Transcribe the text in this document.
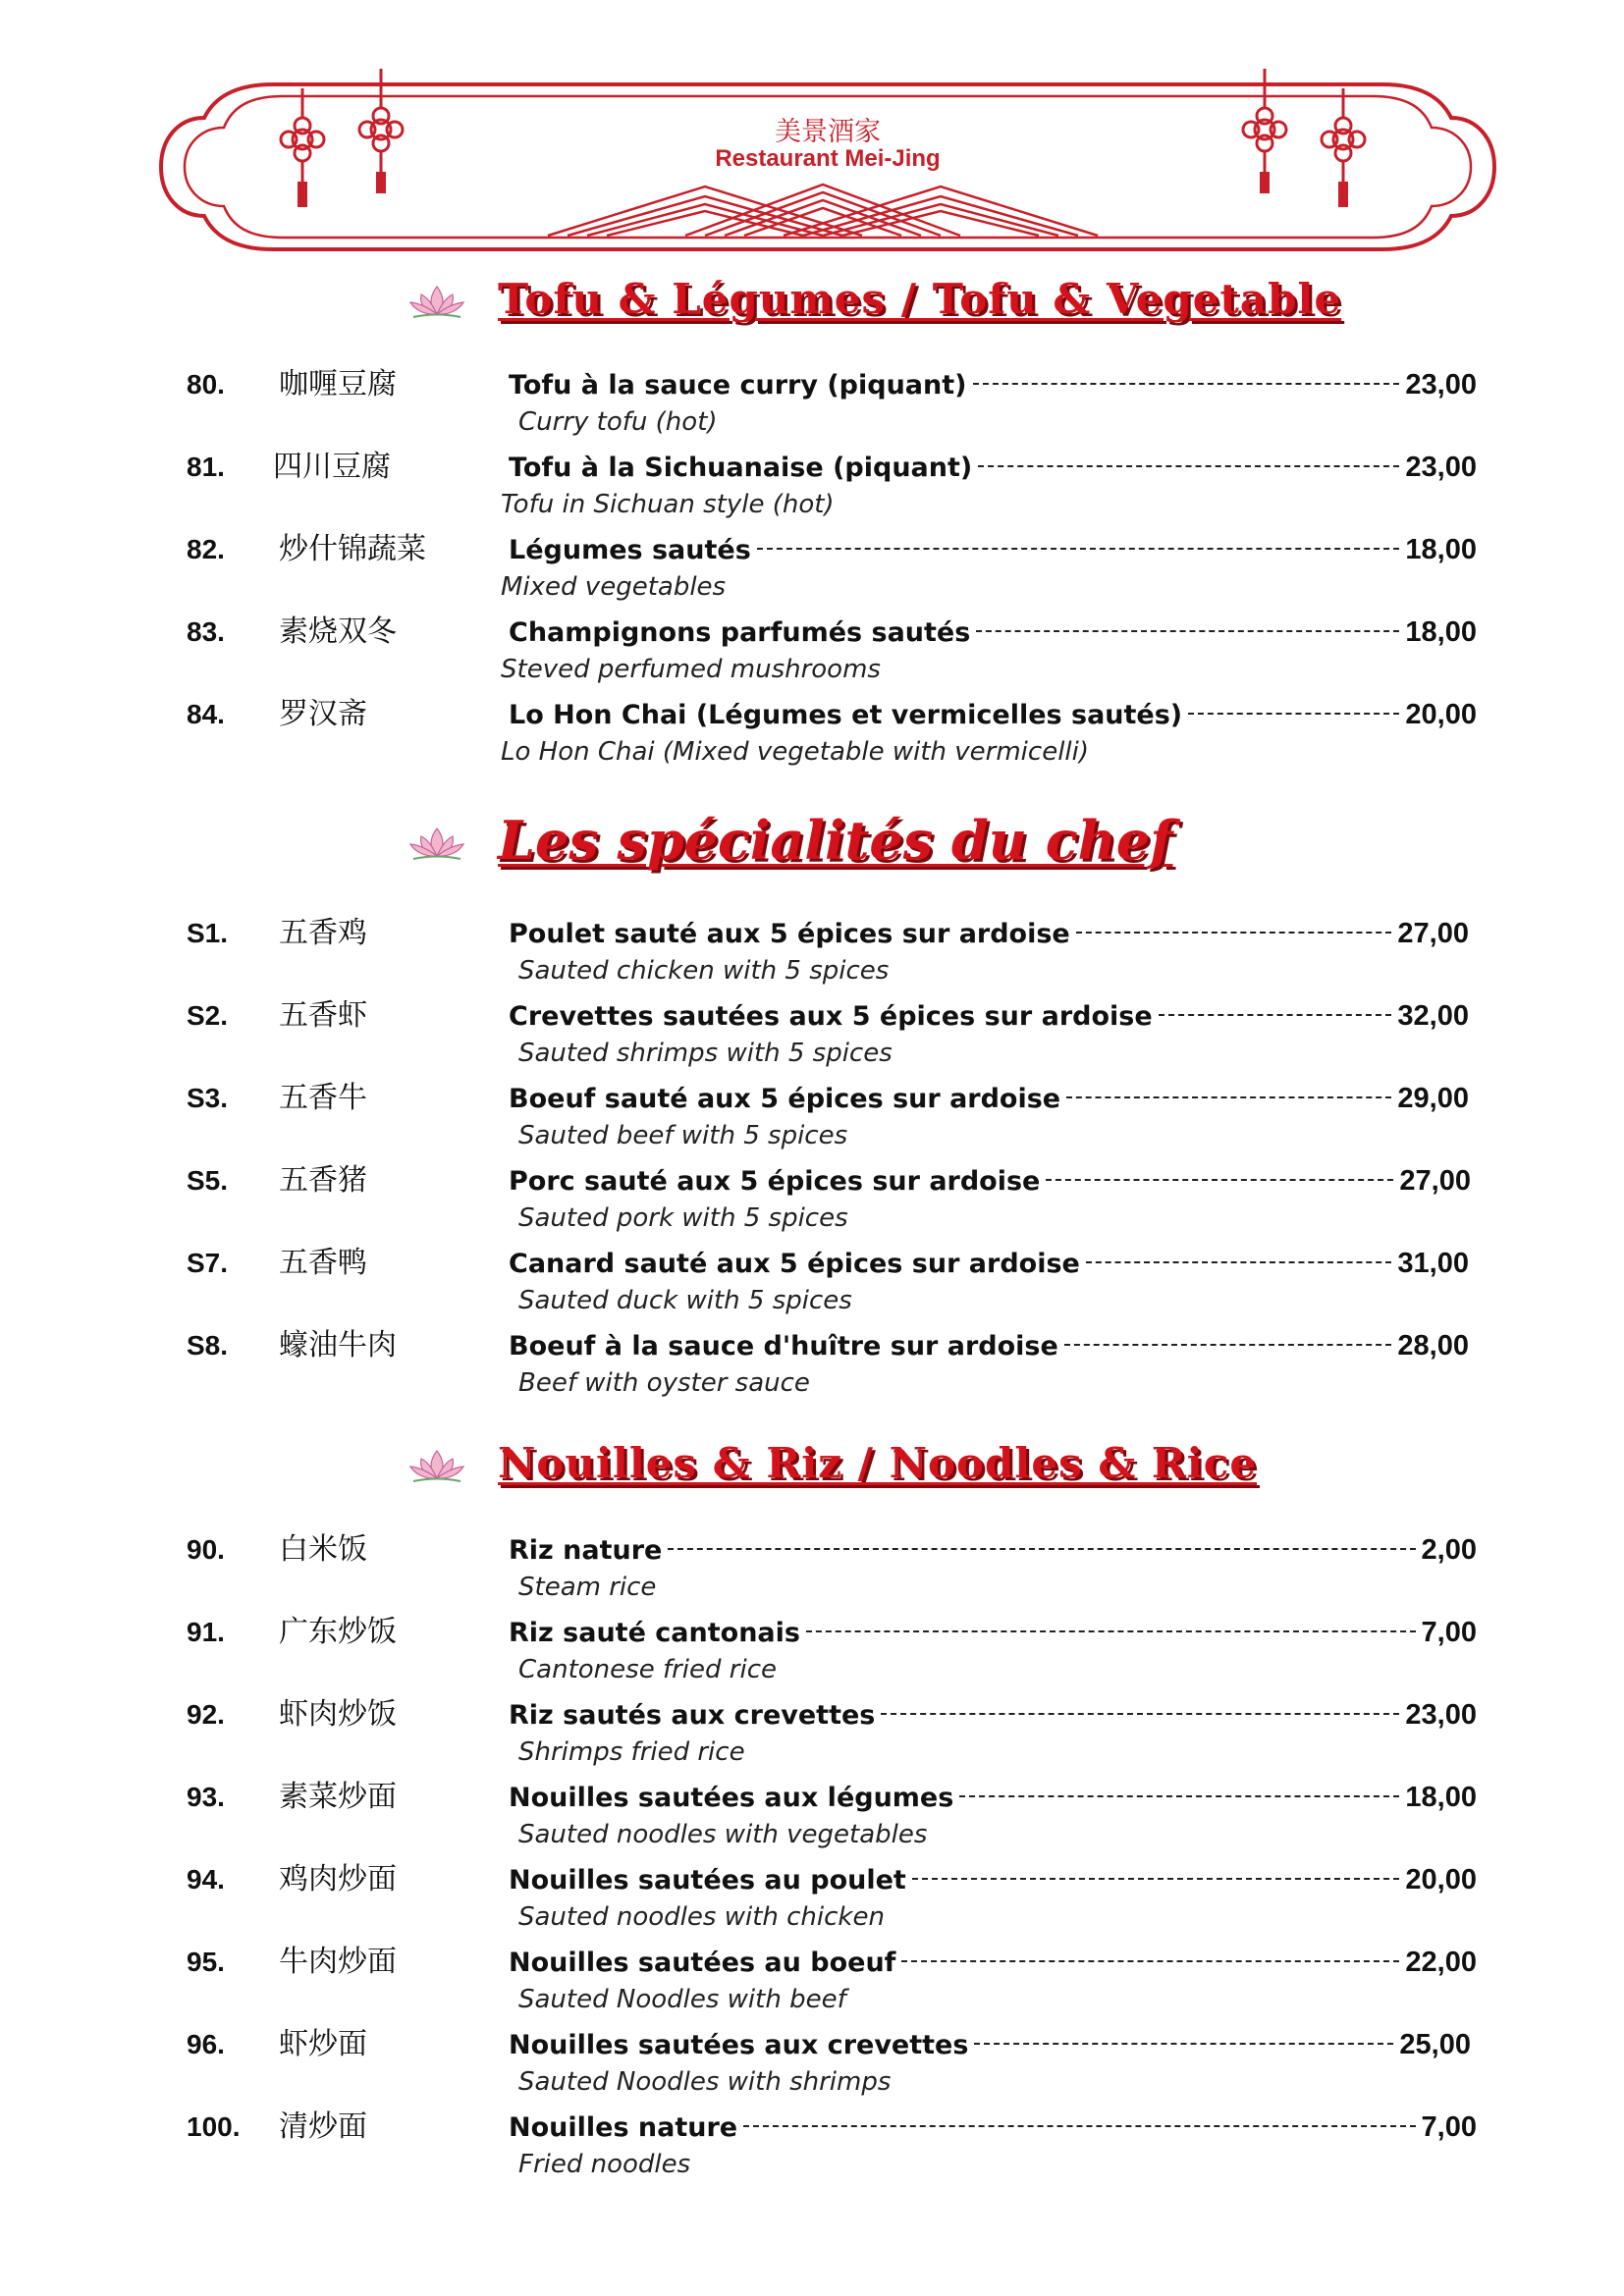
美景酒家
Restaurant Mei-Jing
Tofu & Légumes / Tofu & Vegetable
80. 咖喱豆腐	Tofu à la sauce curry (piquant)	23,00
Curry tofu (hot)
81. 四川豆腐	Tofu à la Sichuanaise (piquant)	23,00
Tofu in Sichuan style (hot)
82. 炒什锦蔬菜	Légumes sautés	18,00
Mixed vegetables
83. 素烧双冬	Champignons parfumés sautés	18,00
Steved perfumed mushrooms
84. 罗汉斋	Lo Hon Chai (Légumes et vermicelles sautés)	20,00
Lo Hon Chai (Mixed vegetable with vermicelli)
Les spécialités du chef
S1. 五香鸡	Poulet sauté aux 5 épices sur ardoise	27,00
Sauted chicken with 5 spices
S2. 五香虾	Crevettes sautées aux 5 épices sur ardoise	32,00
Sauted shrimps with 5 spices
S3. 五香牛	Boeuf sauté aux 5 épices sur ardoise	29,00
Sauted beef with 5 spices
S5. 五香猪	Porc sauté aux 5 épices sur ardoise	27,00
Sauted pork with 5 spices
S7. 五香鸭	Canard sauté aux 5 épices sur ardoise	31,00
Sauted duck with 5 spices
S8. 蠔油牛肉	Boeuf à la sauce d'huître sur ardoise	28,00
Beef with oyster sauce
Nouilles & Riz / Noodles & Rice
90. 白米饭	Riz nature	2,00
Steam rice
91. 广东炒饭	Riz sauté cantonais	7,00
Cantonese fried rice
92. 虾肉炒饭	Riz sautés aux crevettes	23,00
Shrimps fried rice
93. 素菜炒面	Nouilles sautées aux légumes	18,00
Sauted noodles with vegetables
94. 鸡肉炒面	Nouilles sautées au poulet	20,00
Sauted noodles with chicken
95. 牛肉炒面	Nouilles sautées au boeuf	22,00
Sauted Noodles with beef
96. 虾炒面	Nouilles sautées aux crevettes	25,00
Sauted Noodles with shrimps
100. 清炒面	Nouilles nature	7,00
Fried noodles
